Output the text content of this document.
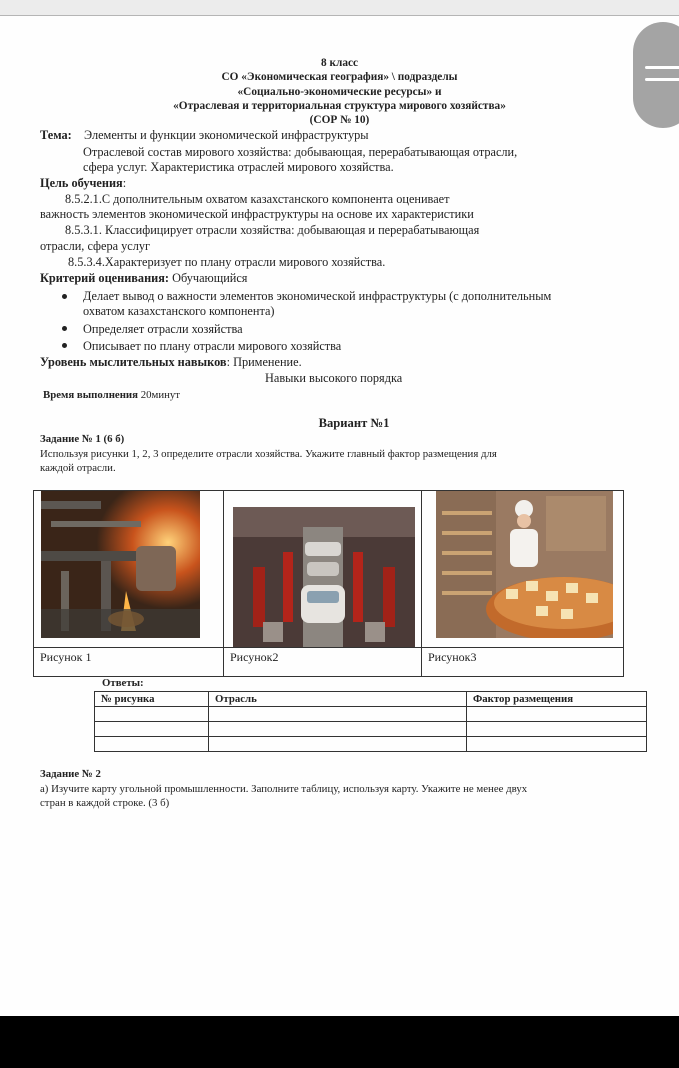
8 класс
СО «Экономическая география» \ подразделы
«Социально-экономические ресурсы» и
«Отраслевая и территориальная структура мирового хозяйства»
(СОР № 10)
Тема: Элементы и функции экономической инфраструктуры
Отраслевой состав мирового хозяйства: добывающая, перерабатывающая отрасли,
сфера услуг. Характеристика отраслей мирового хозяйства.
Цель обучения:
8.5.2.1.С дополнительным охватом казахстанского компонента оценивает
важность элементов экономической инфраструктуры на основе их характеристики
8.5.3.1. Классифицирует отрасли хозяйства: добывающая и перерабатывающая
отрасли, сфера услуг
8.5.3.4.Характеризует по плану отрасли мирового хозяйства.
Критерий оценивания: Обучающийся
Делает вывод о важности элементов экономической инфраструктуры (с дополнительным
охватом казахстанского компонента)
Определяет отрасли хозяйства
Описывает по плану отрасли мирового хозяйства
Уровень мыслительных навыков: Применение.
Навыки высокого порядка
Время выполнения 20минут
Вариант №1
Задание № 1 (6 б)
Используя рисунки 1, 2, 3 определите отрасли хозяйства. Укажите главный фактор размещения для
каждой отрасли.
Рисунок 1	Рисунок2	Рисунок3
Ответы:
№ рисунка	Отрасль	Фактор размещения
Задание № 2
а) Изучите карту угольной промышленности. Заполните таблицу, используя карту. Укажите не менее двух
стран в каждой строке. (3 б)
